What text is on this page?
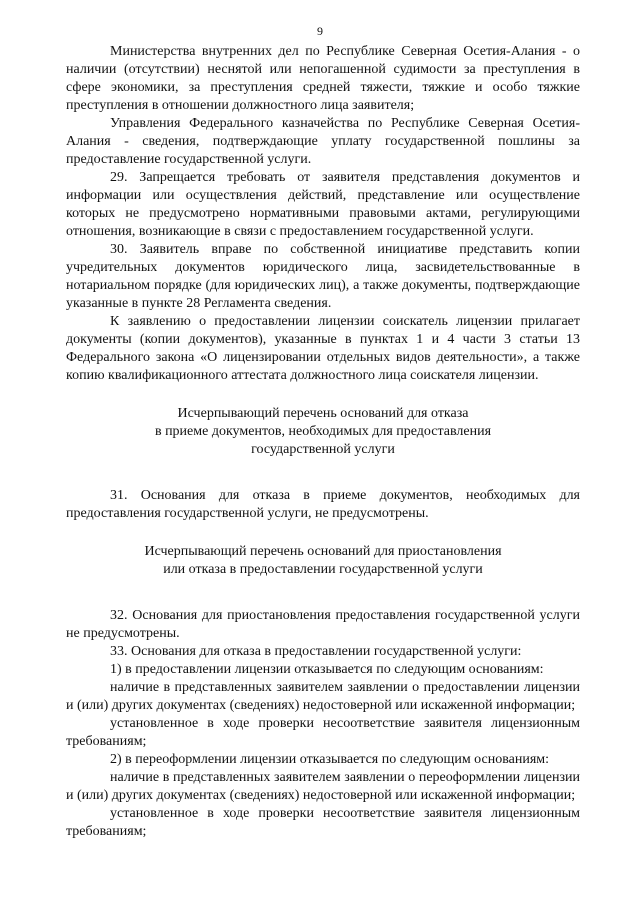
9

Министерства внутренних дел по Республике Северная Осетия-Алания - о наличии (отсутствии) неснятой или непогашенной судимости за преступления в сфере экономики, за преступления средней тяжести, тяжкие и особо тяжкие преступления в отношении должностного лица заявителя;

Управления Федерального казначейства по Республике Северная Осетия-Алания - сведения, подтверждающие уплату государственной пошлины за предоставление государственной услуги.

29. Запрещается требовать от заявителя представления документов и информации или осуществления действий, представление или осуществление которых не предусмотрено нормативными правовыми актами, регулирующими отношения, возникающие в связи с предоставлением государственной услуги.

30. Заявитель вправе по собственной инициативе представить копии учредительных документов юридического лица, засвидетельствованные в нотариальном порядке (для юридических лиц), а также документы, подтверждающие указанные в пункте 28 Регламента сведения.

К заявлению о предоставлении лицензии соискатель лицензии прилагает документы (копии документов), указанные в пунктах 1 и 4 части 3 статьи 13 Федерального закона «О лицензировании отдельных видов деятельности», а также копию квалификационного аттестата должностного лица соискателя лицензии.

Исчерпывающий перечень оснований для отказа
в приеме документов, необходимых для предоставления
государственной услуги

31. Основания для отказа в приеме документов, необходимых для предоставления государственной услуги, не предусмотрены.

Исчерпывающий перечень оснований для приостановления
или отказа в предоставлении государственной услуги

32. Основания для приостановления предоставления государственной услуги не предусмотрены.

33. Основания для отказа в предоставлении государственной услуги:

1) в предоставлении лицензии отказывается по следующим основаниям:

наличие в представленных заявителем заявлении о предоставлении лицензии и (или) других документах (сведениях) недостоверной или искаженной информации;

установленное в ходе проверки несоответствие заявителя лицензионным требованиям;

2) в переоформлении лицензии отказывается по следующим основаниям:

наличие в представленных заявителем заявлении о переоформлении лицензии и (или) других документах (сведениях) недостоверной или искаженной информации;

установленное в ходе проверки несоответствие заявителя лицензионным требованиям;
